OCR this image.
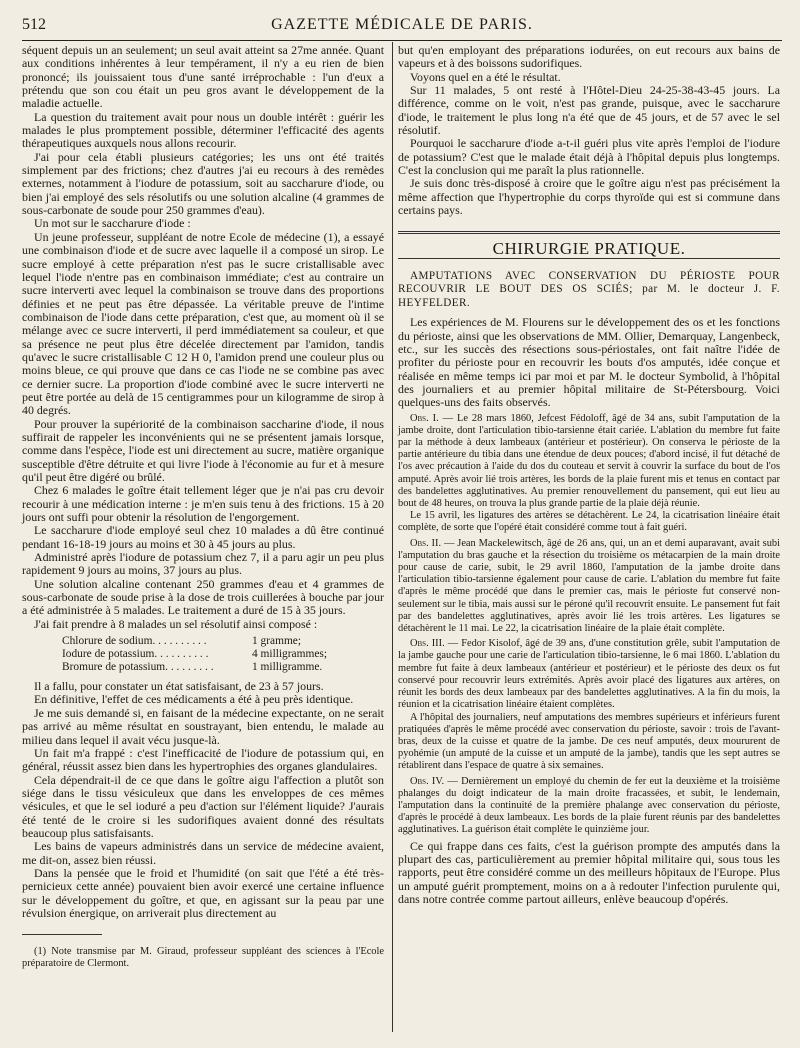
512	GAZETTE MÉDICALE DE PARIS.

séquent depuis un an seulement; un seul avait atteint sa 27me année. Quant aux conditions inhérentes à leur tempérament, il n'y a eu rien de bien prononcé; ils jouissaient tous d'une santé irréprochable : l'un d'eux a prétendu que son cou était un peu gros avant le développement de la maladie actuelle.

La question du traitement avait pour nous un double intérêt : guérir les malades le plus promptement possible, déterminer l'efficacité des agents thérapeutiques auxquels nous allons recourir.

J'ai pour cela établi plusieurs catégories; les uns ont été traités simplement par des frictions; chez d'autres j'ai eu recours à des remèdes externes, notamment à l'iodure de potassium, soit au saccharure d'iode, ou bien j'ai employé des sels résolutifs ou une solution alcaline (4 grammes de sous-carbonate de soude pour 250 grammes d'eau).

Un mot sur le saccharure d'iode :

Un jeune professeur, suppléant de notre Ecole de médecine (1), a essayé une combinaison d'iode et de sucre avec laquelle il a composé un sirop. Le sucre employé à cette préparation n'est pas le sucre cristallisable avec lequel l'iode n'entre pas en combinaison immédiate; c'est au contraire un sucre interverti avec lequel la combinaison se trouve dans des proportions définies et ne peut pas être dépassée. La véritable preuve de l'intime combinaison de l'iode dans cette préparation, c'est que, au moment où il se mélange avec ce sucre interverti, il perd immédiatement sa couleur, et que sa présence ne peut plus être décelée directement par l'amidon, tandis qu'avec le sucre cristallisable C 12 H 0, l'amidon prend une couleur plus ou moins bleue, ce qui prouve que dans ce cas l'iode ne se combine pas avec ce dernier sucre. La proportion d'iode combiné avec le sucre interverti ne peut être portée au delà de 15 centigrammes pour un kilogramme de sirop à 40 degrés.

Pour prouver la supériorité de la combinaison saccharine d'iode, il nous suffirait de rappeler les inconvénients qui ne se présentent jamais lorsque, comme dans l'espèce, l'iode est uni directement au sucre, matière organique susceptible d'être détruite et qui livre l'iode à l'économie au fur et à mesure qu'il peut être digéré ou brûlé.

Chez 6 malades le goître était tellement léger que je n'ai pas cru devoir recourir à une médication interne : je m'en suis tenu à des frictions. 15 à 20 jours ont suffi pour obtenir la résolution de l'engorgement.

Le saccharure d'iode employé seul chez 10 malades a dû être continué pendant 16-18-19 jours au moins et 30 à 45 jours au plus.

Administré après l'iodure de potassium chez 7, il a paru agir un peu plus rapidement 9 jours au moins, 37 jours au plus.

Une solution alcaline contenant 250 grammes d'eau et 4 grammes de sous-carbonate de soude prise à la dose de trois cuillerées à bouche par jour a été administrée à 5 malades. Le traitement a duré de 15 à 35 jours.

J'ai fait prendre à 8 malades un sel résolutif ainsi composé :

Chlorure de sodium. . . . . . . . . .	1 gramme;
Iodure de potassium. . . . . . . . . .	4 milligrammes;
Bromure de potassium. . . . . . . . .	1 milligramme.

Il a fallu, pour constater un état satisfaisant, de 23 à 57 jours.

En définitive, l'effet de ces médicaments a été à peu près identique.

Je me suis demandé si, en faisant de la médecine expectante, on ne serait pas arrivé au même résultat en soustrayant, bien entendu, le malade au milieu dans lequel il avait vécu jusque-là.

Un fait m'a frappé : c'est l'inefficacité de l'iodure de potassium qui, en général, réussit assez bien dans les hypertrophies des organes glandulaires.

Cela dépendrait-il de ce que dans le goître aigu l'affection a plutôt son siége dans le tissu vésiculeux que dans les enveloppes de ces mêmes vésicules, et que le sel ioduré a peu d'action sur l'élément liquide? J'aurais été tenté de le croire si les sudorifiques avaient donné des résultats beaucoup plus satisfaisants.

Les bains de vapeurs administrés dans un service de médecine avaient, me dit-on, assez bien réussi.

Dans la pensée que le froid et l'humidité (on sait que l'été a été très-pernicieux cette année) pouvaient bien avoir exercé une certaine influence sur le développement du goître, et que, en agissant sur la peau par une révulsion énergique, on arriverait plus directement au

(1) Note transmise par M. Giraud, professeur suppléant des sciences à l'Ecole préparatoire de Clermont.

but qu'en employant des préparations iodurées, on eut recours aux bains de vapeurs et à des boissons sudorifiques.

Voyons quel en a été le résultat.

Sur 11 malades, 5 ont resté à l'Hôtel-Dieu 24-25-38-43-45 jours. La différence, comme on le voit, n'est pas grande, puisque, avec le saccharure d'iode, le traitement le plus long n'a été que de 45 jours, et de 57 avec le sel résolutif.

Pourquoi le saccharure d'iode a-t-il guéri plus vite après l'emploi de l'iodure de potassium? C'est que le malade était déjà à l'hôpital depuis plus longtemps. C'est la conclusion qui me paraît la plus rationnelle.

Je suis donc très-disposé à croire que le goître aigu n'est pas précisément la même affection que l'hypertrophie du corps thyroïde qui est si commune dans certains pays.

CHIRURGIE PRATIQUE.

AMPUTATIONS AVEC CONSERVATION DU PÉRIOSTE POUR RECOUVRIR LE BOUT DES OS SCIÉS; par M. le docteur J. F. HEYFELDER.

Les expériences de M. Flourens sur le développement des os et les fonctions du périoste, ainsi que les observations de MM. Ollier, Demarquay, Langenbeck, etc., sur les succès des résections sous-périostales, ont fait naître l'idée de profiter du périoste pour en recouvrir les bouts d'os amputés, idée conçue et réalisée en même temps ici par moi et par M. le docteur Symbolid, à l'hôpital des journaliers et au premier hôpital militaire de St-Pétersbourg. Voici quelques-uns des faits observés.

Obs. I. — Le 28 mars 1860, Jefcest Fédoloff, âgé de 34 ans, subit l'amputation de la jambe droite, dont l'articulation tibio-tarsienne était cariée. L'ablation du membre fut faite par la méthode à deux lambeaux (antérieur et postérieur). On conserva le périoste de la partie antérieure du tibia dans une étendue de deux pouces; d'abord incisé, il fut détaché de l'os avec précaution à l'aide du dos du couteau et servit à couvrir la surface du bout de l'os amputé. Après avoir lié trois artères, les bords de la plaie furent mis et tenus en contact par des bandelettes agglutinatives. Au premier renouvellement du pansement, qui eut lieu au bout de 48 heures, on trouva la plus grande partie de la plaie déjà réunie.

Le 15 avril, les ligatures des artères se détachèrent. Le 24, la cicatrisation linéaire était complète, de sorte que l'opéré était considéré comme tout à fait guéri.

Obs. II. — Jean Mackelewitsch, âgé de 26 ans, qui, un an et demi auparavant, avait subi l'amputation du bras gauche et la résection du troisième os métacarpien de la main droite pour cause de carie, subit, le 29 avril 1860, l'amputation de la jambe droite dans l'articulation tibio-tarsienne également pour cause de carie. L'ablation du membre fut faite d'après le même procédé que dans le premier cas, mais le périoste fut conservé non-seulement sur le tibia, mais aussi sur le péroné qu'il recouvrit ensuite. Le pansement fut fait par des bandelettes agglutinatives, après avoir lié les trois artères. Les ligatures se détachèrent le 11 mai. Le 22, la cicatrisation linéaire de la plaie était complète.

Obs. III. — Fedor Kisolof, âgé de 39 ans, d'une constitution grêle, subit l'amputation de la jambe gauche pour une carie de l'articulation tibio-tarsienne, le 6 mai 1860. L'ablation du membre fut faite à deux lambeaux (antérieur et postérieur) et le périoste des deux os fut conservé pour recouvrir leurs extrémités. Après avoir placé des ligatures aux artères, on réunit les bords des deux lambeaux par des bandelettes agglutinatives. A la fin du mois, la réunion et la cicatrisation linéaire étaient complètes.

A l'hôpital des journaliers, neuf amputations des membres supérieurs et inférieurs furent pratiquées d'après le même procédé avec conservation du périoste, savoir : trois de l'avant-bras, deux de la cuisse et quatre de la jambe. De ces neuf amputés, deux moururent de pyohémie (un amputé de la cuisse et un amputé de la jambe), tandis que les sept autres se rétablirent dans l'espace de quatre à six semaines.

Obs. IV. — Dernièrement un employé du chemin de fer eut la deuxième et la troisième phalanges du doigt indicateur de la main droite fracassées, et subit, le lendemain, l'amputation dans la continuité de la première phalange avec conservation du périoste, d'après le procédé à deux lambeaux. Les bords de la plaie furent réunis par des bandelettes agglutinatives. La guérison était complète le quinzième jour.

Ce qui frappe dans ces faits, c'est la guérison prompte des amputés dans la plupart des cas, particulièrement au premier hôpital militaire qui, sous tous les rapports, peut être considéré comme un des meilleurs hôpitaux de l'Europe. Plus un amputé guérit promptement, moins on a à redouter l'infection purulente qui, dans notre contrée comme partout ailleurs, enlève beaucoup d'opérés.
